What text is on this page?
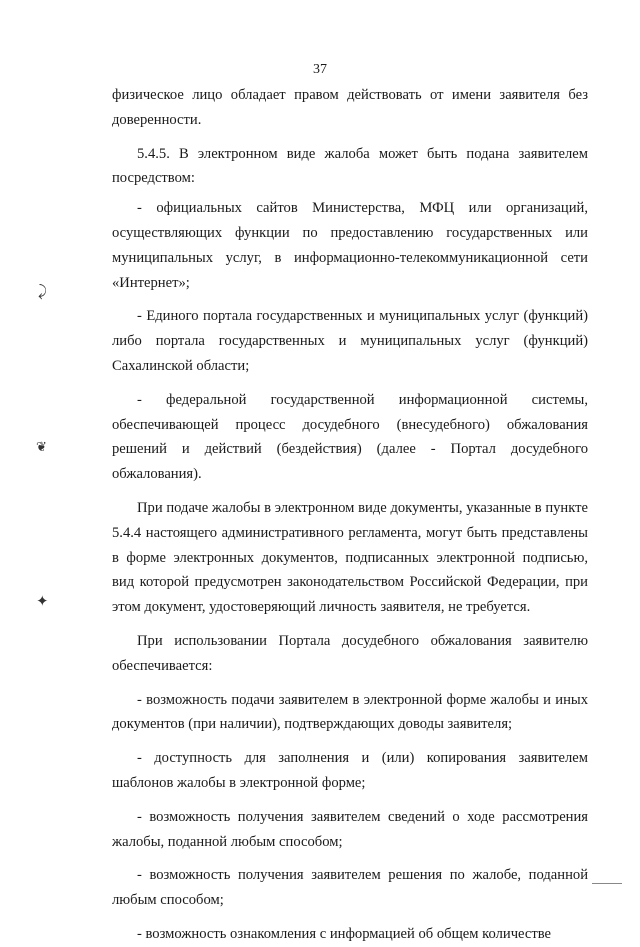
37

физическое лицо обладает правом действовать от имени заявителя без доверенности.

5.4.5. В электронном виде жалоба может быть подана заявителем посредством:

- официальных сайтов Министерства, МФЦ или организаций, осуществляющих функции по предоставлению государственных или муниципальных услуг, в информационно-телекоммуникационной сети «Интернет»;

- Единого портала государственных и муниципальных услуг (функций) либо портала государственных и муниципальных услуг (функций) Сахалинской области;

- федеральной государственной информационной системы, обеспечивающей процесс досудебного (внесудебного) обжалования решений и действий (бездействия) (далее - Портал досудебного обжалования).

При подаче жалобы в электронном виде документы, указанные в пункте 5.4.4 настоящего административного регламента, могут быть представлены в форме электронных документов, подписанных электронной подписью, вид которой предусмотрен законодательством Российской Федерации, при этом документ, удостоверяющий личность заявителя, не требуется.

При использовании Портала досудебного обжалования заявителю обеспечивается:

- возможность подачи заявителем в электронной форме жалобы и иных документов (при наличии), подтверждающих доводы заявителя;

- доступность для заполнения и (или) копирования заявителем шаблонов жалобы в электронной форме;

- возможность получения заявителем сведений о ходе рассмотрения жалобы, поданной любым способом;

- возможность получения заявителем решения по жалобе, поданной любым способом;

- возможность ознакомления с информацией об общем количестве

⤸
❦
✦
